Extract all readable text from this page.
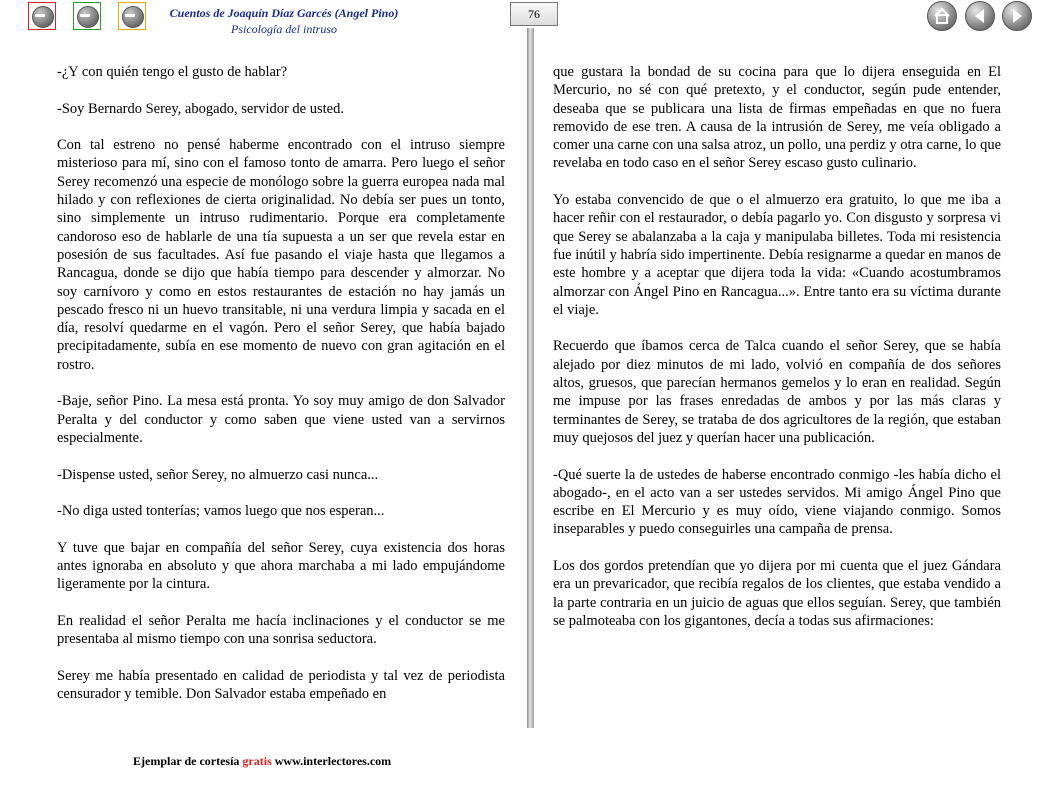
Cuentos de Joaquín Díaz Garcés (Angel Pino)
Psicología del intruso
76

-¿Y con quién tengo el gusto de hablar?

-Soy Bernardo Serey, abogado, servidor de usted.

Con tal estreno no pensé haberme encontrado con el intruso siempre misterioso para mí, sino con el famoso tonto de amarra. Pero luego el señor Serey recomenzó una especie de monólogo sobre la guerra europea nada mal hilado y con reflexiones de cierta originalidad. No debía ser pues un tonto, sino simplemente un intruso rudimentario. Porque era completamente candoroso eso de hablarle de una tía supuesta a un ser que revela estar en posesión de sus facultades. Así fue pasando el viaje hasta que llegamos a Rancagua, donde se dijo que había tiempo para descender y almorzar. No soy carnívoro y como en estos restaurantes de estación no hay jamás un pescado fresco ni un huevo transitable, ni una verdura limpia y sacada en el día, resolví quedarme en el vagón. Pero el señor Serey, que había bajado precipitadamente, subía en ese momento de nuevo con gran agitación en el rostro.

-Baje, señor Pino. La mesa está pronta. Yo soy muy amigo de don Salvador Peralta y del conductor y como saben que viene usted van a servirnos especialmente.

-Dispense usted, señor Serey, no almuerzo casi nunca...

-No diga usted tonterías; vamos luego que nos esperan...

Y tuve que bajar en compañía del señor Serey, cuya existencia dos horas antes ignoraba en absoluto y que ahora marchaba a mi lado empujándome ligeramente por la cintura.

En realidad el señor Peralta me hacía inclinaciones y el conductor se me presentaba al mismo tiempo con una sonrisa seductora.

Serey me había presentado en calidad de periodista y tal vez de periodista censurador y temible. Don Salvador estaba empeñado en

que gustara la bondad de su cocina para que lo dijera enseguida en El Mercurio, no sé con qué pretexto, y el conductor, según pude entender, deseaba que se publicara una lista de firmas empeñadas en que no fuera removido de ese tren. A causa de la intrusión de Serey, me veía obligado a comer una carne con una salsa atroz, un pollo, una perdiz y otra carne, lo que revelaba en todo caso en el señor Serey escaso gusto culinario.

Yo estaba convencido de que o el almuerzo era gratuito, lo que me iba a hacer reñir con el restaurador, o debía pagarlo yo. Con disgusto y sorpresa vi que Serey se abalanzaba a la caja y manipulaba billetes. Toda mi resistencia fue inútil y habría sido impertinente. Debía resignarme a quedar en manos de este hombre y a aceptar que dijera toda la vida: «Cuando acostumbramos almorzar con Ángel Pino en Rancagua...». Entre tanto era su víctima durante el viaje.

Recuerdo que íbamos cerca de Talca cuando el señor Serey, que se había alejado por diez minutos de mi lado, volvió en compañía de dos señores altos, gruesos, que parecían hermanos gemelos y lo eran en realidad. Según me impuse por las frases enredadas de ambos y por las más claras y terminantes de Serey, se trataba de dos agricultores de la región, que estaban muy quejosos del juez y querían hacer una publicación.

-Qué suerte la de ustedes de haberse encontrado conmigo -les había dicho el abogado-, en el acto van a ser ustedes servidos. Mi amigo Ángel Pino que escribe en El Mercurio y es muy oído, viene viajando conmigo. Somos inseparables y puedo conseguirles una campaña de prensa.

Los dos gordos pretendían que yo dijera por mi cuenta que el juez Gándara era un prevaricador, que recibía regalos de los clientes, que estaba vendido a la parte contraria en un juicio de aguas que ellos seguían. Serey, que también se palmoteaba con los gigantones, decía a todas sus afirmaciones:

Ejemplar de cortesía gratis www.interlectores.com
